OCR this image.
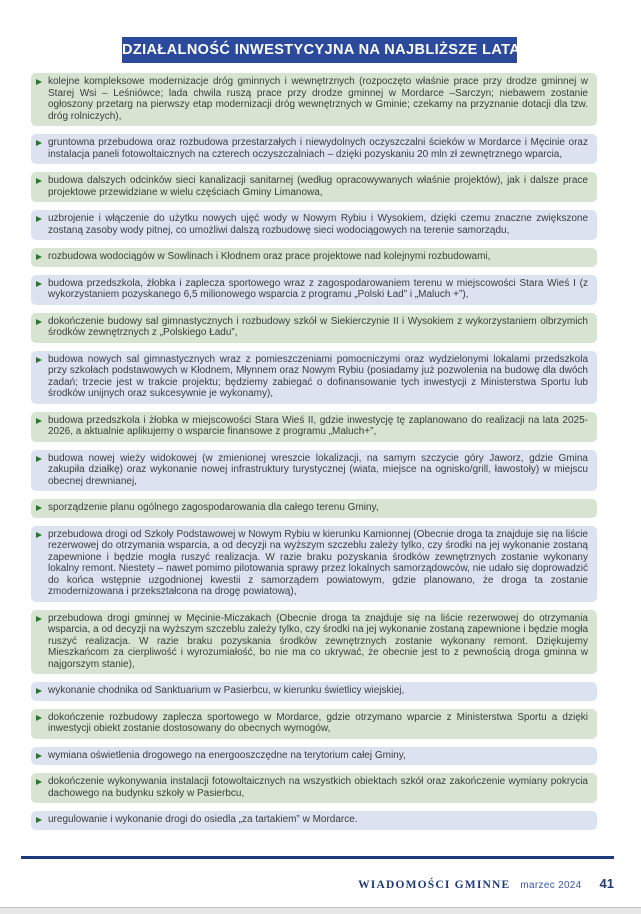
DZIAŁALNOŚĆ INWESTYCYJNA NA NAJBLIŻSZE LATA
kolejne kompleksowe modernizacje dróg gminnych i wewnętrznych (rozpoczęto właśnie prace przy drodze gminnej w Starej Wsi – Leśniówce; lada chwila ruszą prace przy drodze gminnej w Mordarce –Sarczyn; niebawem zostanie ogłoszony przetarg na pierwszy etap modernizacji dróg wewnętrznych w Gminie; czekamy na przyznanie dotacji dla tzw. dróg rolniczych),
gruntowna przebudowa oraz rozbudowa przestarzałych i niewydolnych oczyszczalni ścieków w Mordarce i Męcinie oraz instalacja paneli fotowoltaicznych na czterech oczyszczalniach – dzięki pozyskaniu 20 mln zł zewnętrznego wparcia,
budowa dalszych odcinków sieci kanalizacji sanitarnej (według opracowywanych właśnie projektów), jak i dalsze prace projektowe przewidziane w wielu częściach Gminy Limanowa,
uzbrojenie i włączenie do użytku nowych ujęć wody w Nowym Rybiu i Wysokiem, dzięki czemu znaczne zwiększone zostaną zasoby wody pitnej, co umożliwi dalszą rozbudowę sieci wodociągowych na terenie samorządu,
rozbudowa wodociągów w Sowlinach i Kłodnem oraz prace projektowe nad kolejnymi rozbudowami,
budowa przedszkola, żłobka i zaplecza sportowego wraz z zagospodarowaniem terenu w miejscowości Stara Wieś I (z wykorzystaniem pozyskanego 6,5 milionowego wsparcia z programu „Polski Ład” i „Maluch +”),
dokończenie budowy sal gimnastycznych i rozbudowy szkół w Siekierczynie II i Wysokiem z wykorzystaniem olbrzymich środków zewnętrznych z „Polskiego Ładu”,
budowa nowych sal gimnastycznych wraz z pomieszczeniami pomocniczymi oraz wydzielonymi lokalami przedszkola przy szkołach podstawowych w Kłodnem, Młynnem oraz Nowym Rybiu (posiadamy już pozwolenia na budowę dla dwóch zadań; trzecie jest w trakcie projektu; będziemy zabiegać o dofinansowanie tych inwestycji z Ministerstwa Sportu lub środków unijnych oraz sukcesywnie je wykonamy),
budowa przedszkola i żłobka w miejscowości Stara Wieś II, gdzie inwestycję tę zaplanowano do realizacji na lata 2025-2026, a aktualnie aplikujemy o wsparcie finansowe z programu „Maluch+”,
budowa nowej wieży widokowej (w zmienionej wreszcie lokalizacji, na samym szczycie góry Jaworz, gdzie Gmina zakupiła działkę) oraz wykonanie nowej infrastruktury turystycznej (wiata, miejsce na ognisko/grill, ławostoły) w miejscu obecnej drewnianej,
sporządzenie planu ogólnego zagospodarowania dla całego terenu Gminy,
przebudowa drogi od Szkoły Podstawowej w Nowym Rybiu w kierunku Kamionnej (Obecnie droga ta znajduje się na liście rezerwowej do otrzymania wsparcia, a od decyzji na wyższym szczeblu zależy tylko, czy środki na jej wykonanie zostaną zapewnione i będzie mogła ruszyć realizacja. W razie braku pozyskania środków zewnętrznych zostanie wykonany lokalny remont. Niestety – nawet pomimo pilotowania sprawy przez lokalnych samorządowców, nie udało się doprowadzić do końca wstępnie uzgodnionej kwestii z samorządem powiatowym, gdzie planowano, że droga ta zostanie zmodernizowana i przekształcona na drogę powiatową),
przebudowa drogi gminnej w Męcinie-Miczakach (Obecnie droga ta znajduje się na liście rezerwowej do otrzymania wsparcia, a od decyzji na wyższym szczeblu zależy tylko, czy środki na jej wykonanie zostaną zapewnione i będzie mogła ruszyć realizacja. W razie braku pozyskania środków zewnętrznych zostanie wykonany remont. Dziękujemy Mieszkańcom za cierpliwość i wyrozumiałość, bo nie ma co ukrywać, że obecnie jest to z pewnością droga gminna w najgorszym stanie),
wykonanie chodnika od Sanktuarium w Pasierbcu, w kierunku świetlicy wiejskiej,
dokończenie rozbudowy zaplecza sportowego w Mordarce, gdzie otrzymano wparcie z Ministerstwa Sportu a dzięki inwestycji obiekt zostanie dostosowany do obecnych wymogów,
wymiana oświetlenia drogowego na energooszczędne na terytorium całej Gminy,
dokończenie wykonywania instalacji fotowoltaicznych na wszystkich obiektach szkół oraz zakończenie wymiany pokrycia dachowego na budynku szkoły w Pasierbcu,
uregulowanie i wykonanie drogi do osiedla „za tartakiem” w Mordarce.
WIADOMOŚCI GMINNE marzec 2024 41
